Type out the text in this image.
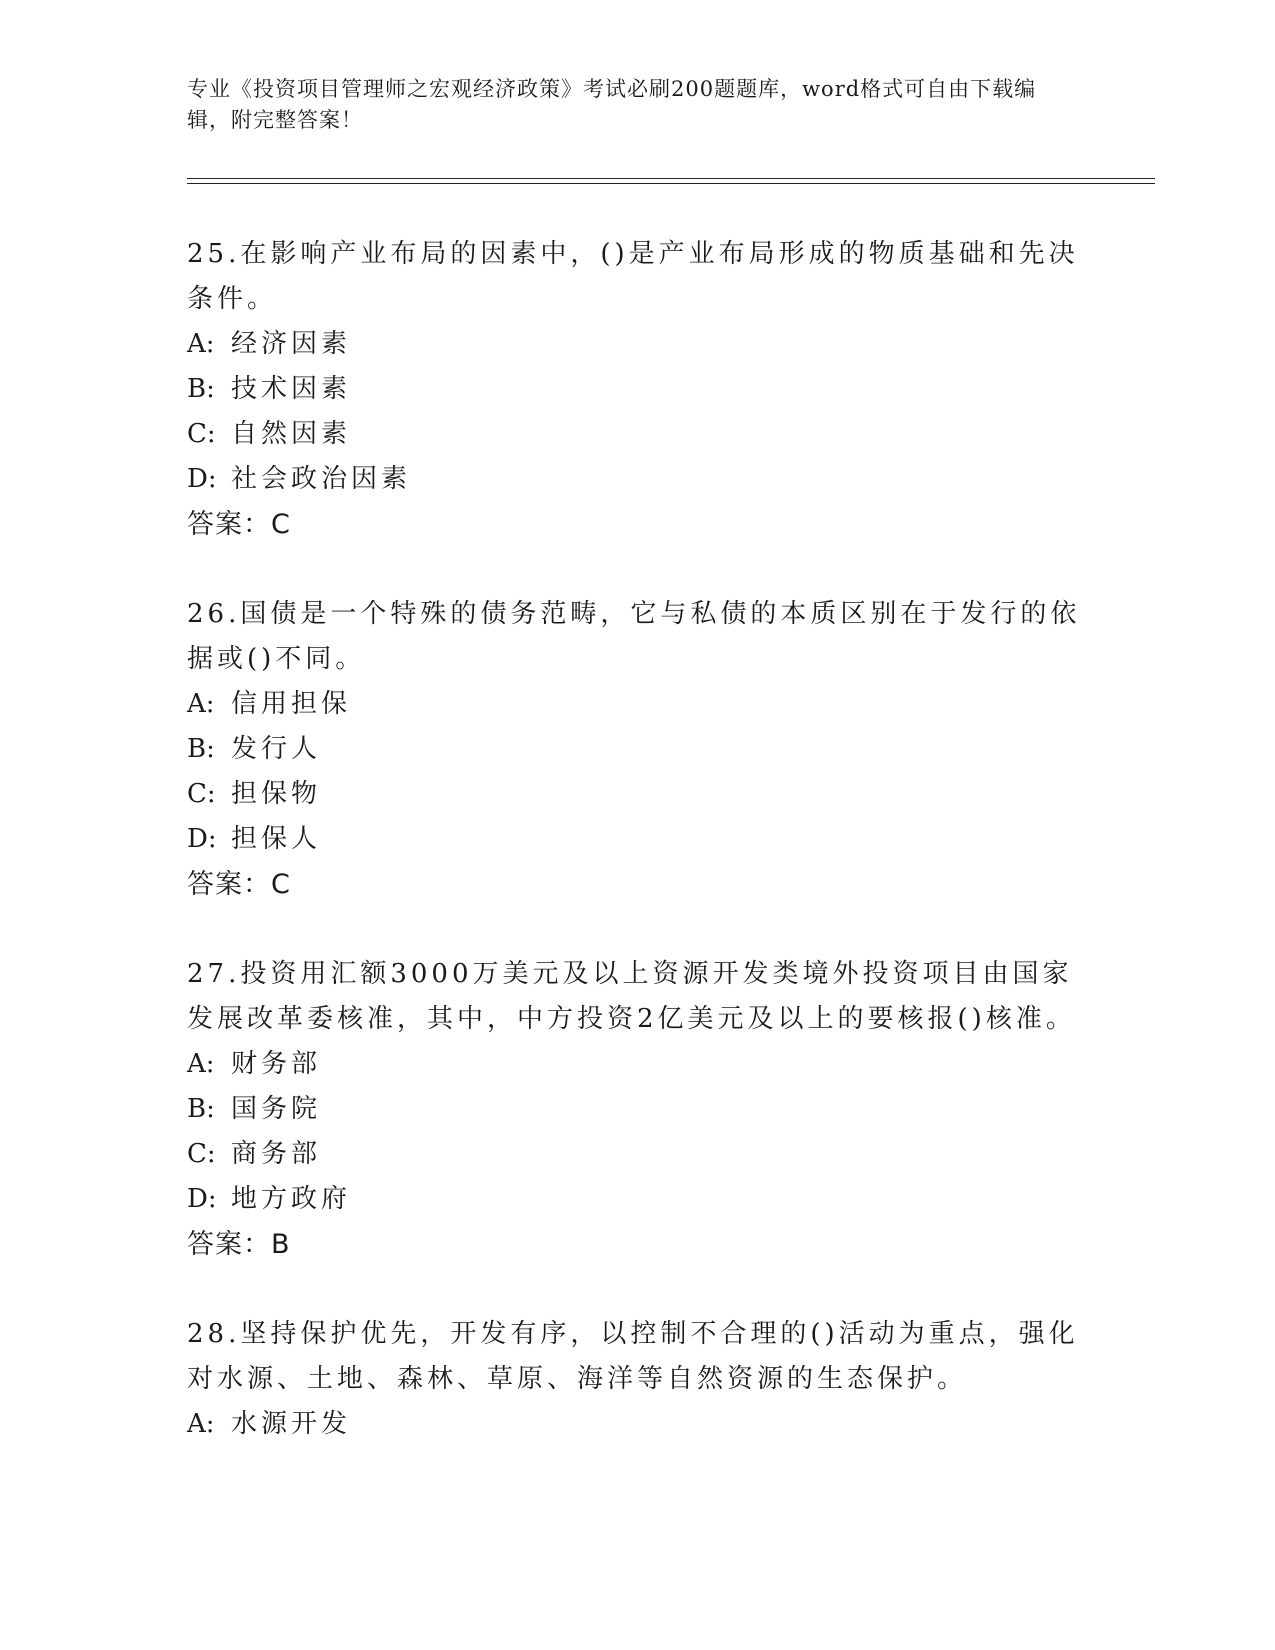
专业《投资项目管理师之宏观经济政策》考试必刷200题题库，word格式可自由下载编辑，附完整答案！

25.在影响产业布局的因素中，()是产业布局形成的物质基础和先决条件。

A: 经济因素
B: 技术因素
C: 自然因素
D: 社会政治因素

答案：C

26.国债是一个特殊的债务范畴，它与私债的本质区别在于发行的依据或()不同。

A: 信用担保
B: 发行人
C: 担保物
D: 担保人

答案：C

27.投资用汇额3000万美元及以上资源开发类境外投资项目由国家发展改革委核准，其中，中方投资2亿美元及以上的要核报()核准。

A: 财务部
B: 国务院
C: 商务部
D: 地方政府

答案：B

28.坚持保护优先，开发有序，以控制不合理的()活动为重点，强化对水源、土地、森林、草原、海洋等自然资源的生态保护。

A: 水源开发
